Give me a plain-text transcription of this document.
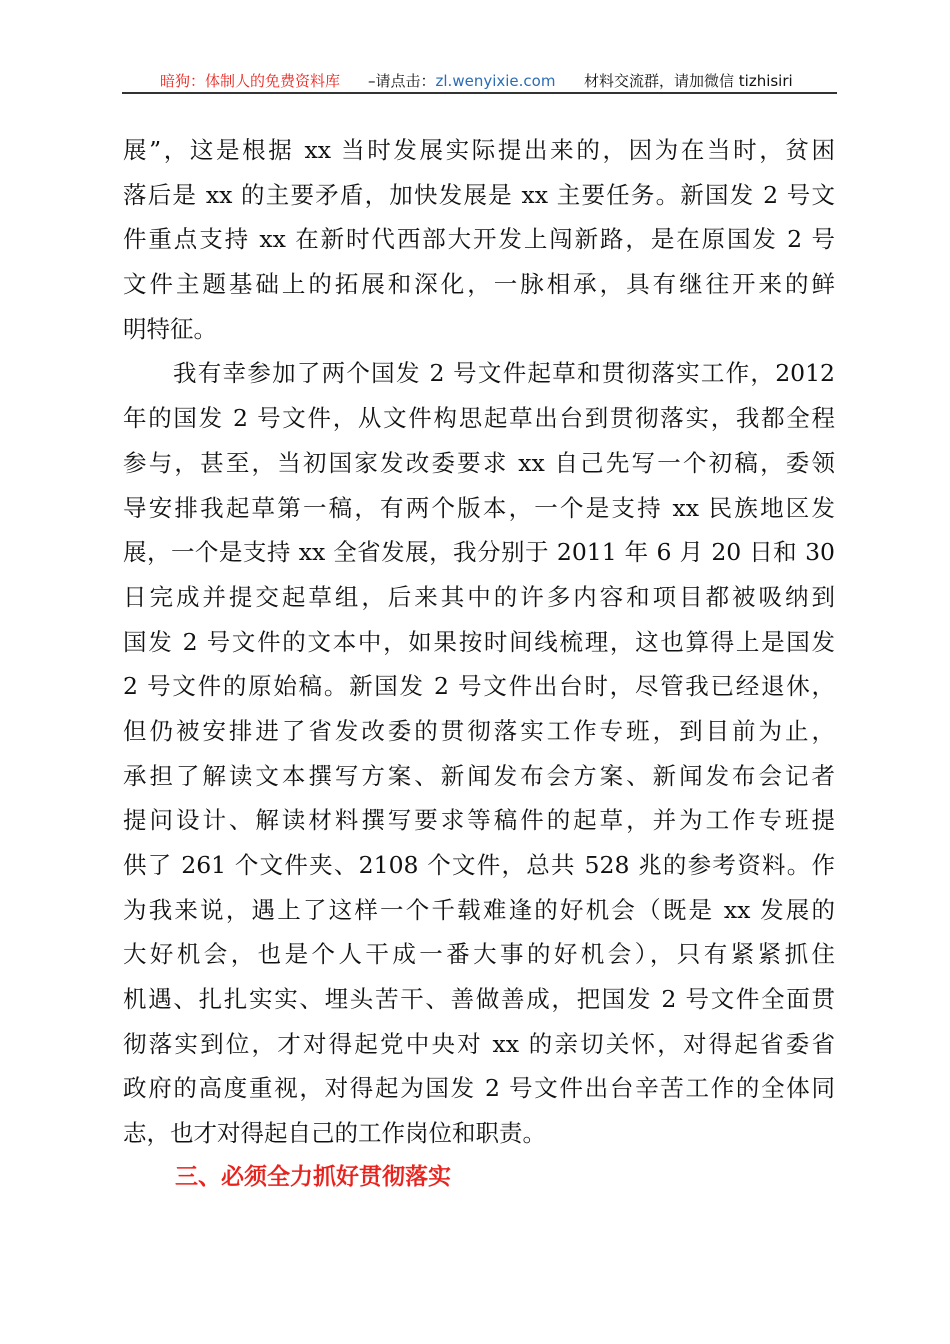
暗狗：体制人的免费资料库 –请点击：zl.wenyixie.com 材料交流群，请加微信 tizhisiri
展”，这是根据 xx 当时发展实际提出来的，因为在当时，贫困
落后是 xx 的主要矛盾，加快发展是 xx 主要任务。新国发 2 号文
件重点支持 xx 在新时代西部大开发上闯新路，是在原国发 2 号
文件主题基础上的拓展和深化，一脉相承，具有继往开来的鲜
明特征。
我有幸参加了两个国发 2 号文件起草和贯彻落实工作，2012
年的国发 2 号文件，从文件构思起草出台到贯彻落实，我都全程
参与，甚至，当初国家发改委要求 xx 自己先写一个初稿，委领
导安排我起草第一稿，有两个版本，一个是支持 xx 民族地区发
展，一个是支持 xx 全省发展，我分别于 2011 年 6 月 20 日和 30
日完成并提交起草组，后来其中的许多内容和项目都被吸纳到
国发 2 号文件的文本中，如果按时间线梳理，这也算得上是国发
2 号文件的原始稿。新国发 2 号文件出台时，尽管我已经退休，
但仍被安排进了省发改委的贯彻落实工作专班，到目前为止，
承担了解读文本撰写方案、新闻发布会方案、新闻发布会记者
提问设计、解读材料撰写要求等稿件的起草，并为工作专班提
供了 261 个文件夹、2108 个文件，总共 528 兆的参考资料。作
为我来说，遇上了这样一个千载难逢的好机会（既是 xx 发展的
大好机会，也是个人干成一番大事的好机会），只有紧紧抓住
机遇、扎扎实实、埋头苦干、善做善成，把国发 2 号文件全面贯
彻落实到位，才对得起党中央对 xx 的亲切关怀，对得起省委省
政府的高度重视，对得起为国发 2 号文件出台辛苦工作的全体同
志，也才对得起自己的工作岗位和职责。
三、必须全力抓好贯彻落实
